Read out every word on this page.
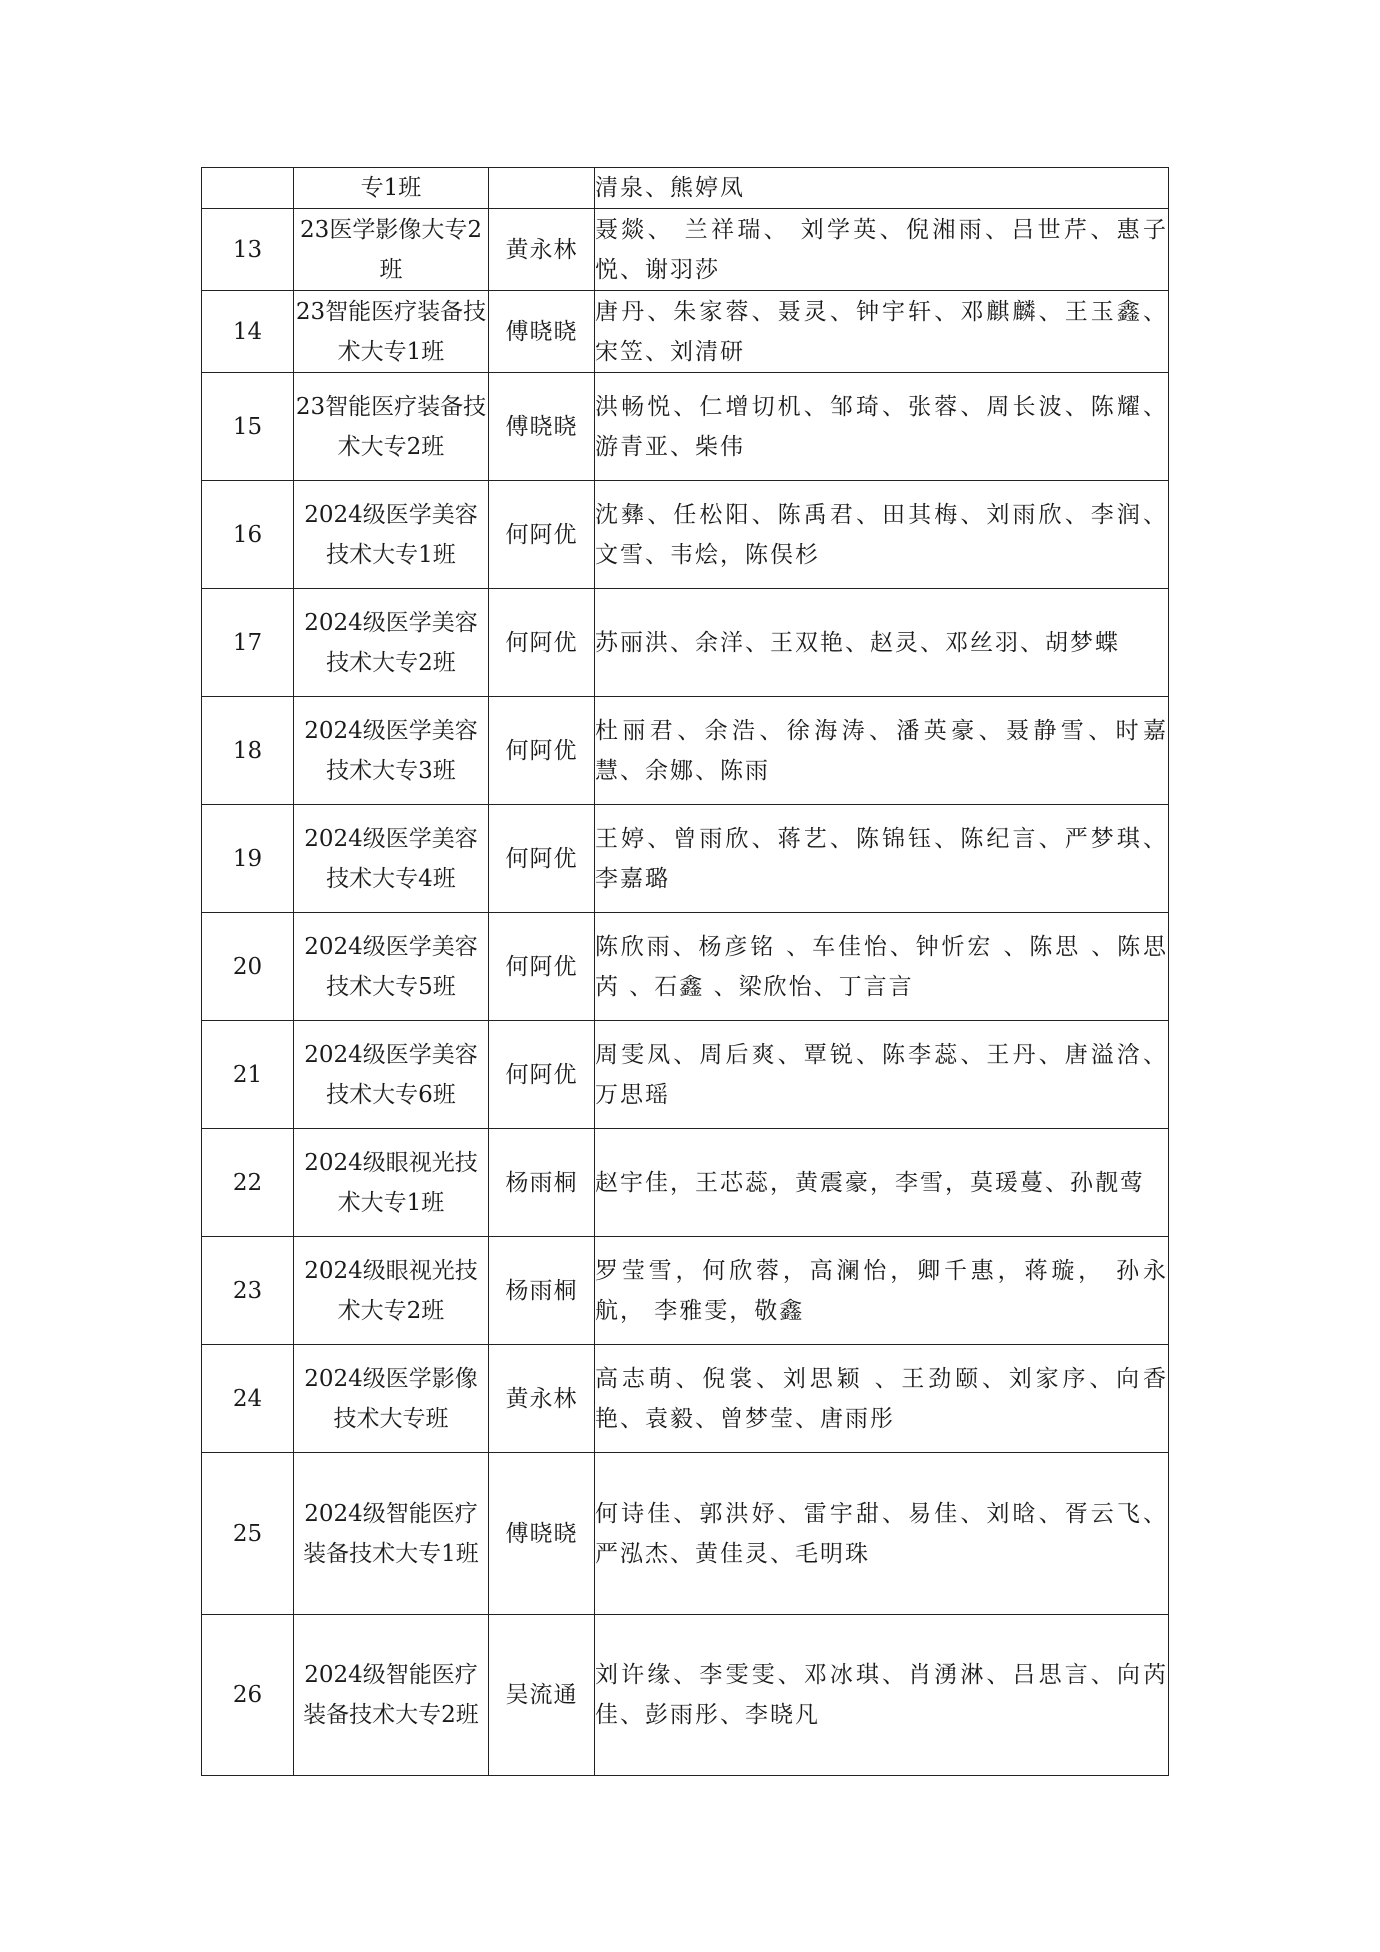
	专1班		清泉、熊婷凤
13	23医学影像大专2班	黄永林	聂燚、 兰祥瑞、 刘学英、倪湘雨、吕世芹、惠子悦、谢羽莎
14	23智能医疗装备技术大专1班	傅晓晓	唐丹、朱家蓉、聂灵、钟宇轩、邓麒麟、王玉鑫、宋笠、刘清研
15	23智能医疗装备技术大专2班	傅晓晓	洪畅悦、仁增切机、邹琦、张蓉、周长波、陈耀、游青亚、柴伟
16	2024级医学美容技术大专1班	何阿优	沈彝、任松阳、陈禹君、田其梅、刘雨欣、李润、文雪、韦烩，陈俣杉
17	2024级医学美容技术大专2班	何阿优	苏丽洪、余洋、王双艳、赵灵、邓丝羽、胡梦蝶
18	2024级医学美容技术大专3班	何阿优	杜丽君、余浩、徐海涛、潘英豪、聂静雪、时嘉慧、余娜、陈雨
19	2024级医学美容技术大专4班	何阿优	王婷、曾雨欣、蒋艺、陈锦钰、陈纪言、严梦琪、李嘉璐
20	2024级医学美容技术大专5班	何阿优	陈欣雨、杨彦铭 、车佳怡、钟忻宏 、陈思 、陈思芮 、石鑫 、梁欣怡、丁言言
21	2024级医学美容技术大专6班	何阿优	周雯凤、周后爽、覃锐、陈李蕊、王丹、唐溢浛、万思瑶
22	2024级眼视光技术大专1班	杨雨桐	赵宇佳，王芯蕊，黄震豪，李雪，莫瑗蔓、孙靓莺
23	2024级眼视光技术大专2班	杨雨桐	罗莹雪，何欣蓉，高澜怡，卿千惠，蒋璇， 孙永航， 李雅雯，敬鑫
24	2024级医学影像技术大专班	黄永林	高志萌、倪裳、刘思颖 、王劲颐、刘家序、向香艳、袁毅、曾梦莹、唐雨彤
25	2024级智能医疗装备技术大专1班	傅晓晓	何诗佳、郭洪妤、雷宇甜、易佳、刘晗、胥云飞、严泓杰、黄佳灵、毛明珠
26	2024级智能医疗装备技术大专2班	吴流通	刘许缘、李雯雯、邓冰琪、肖湧淋、吕思言、向芮佳、彭雨彤、李晓凡
